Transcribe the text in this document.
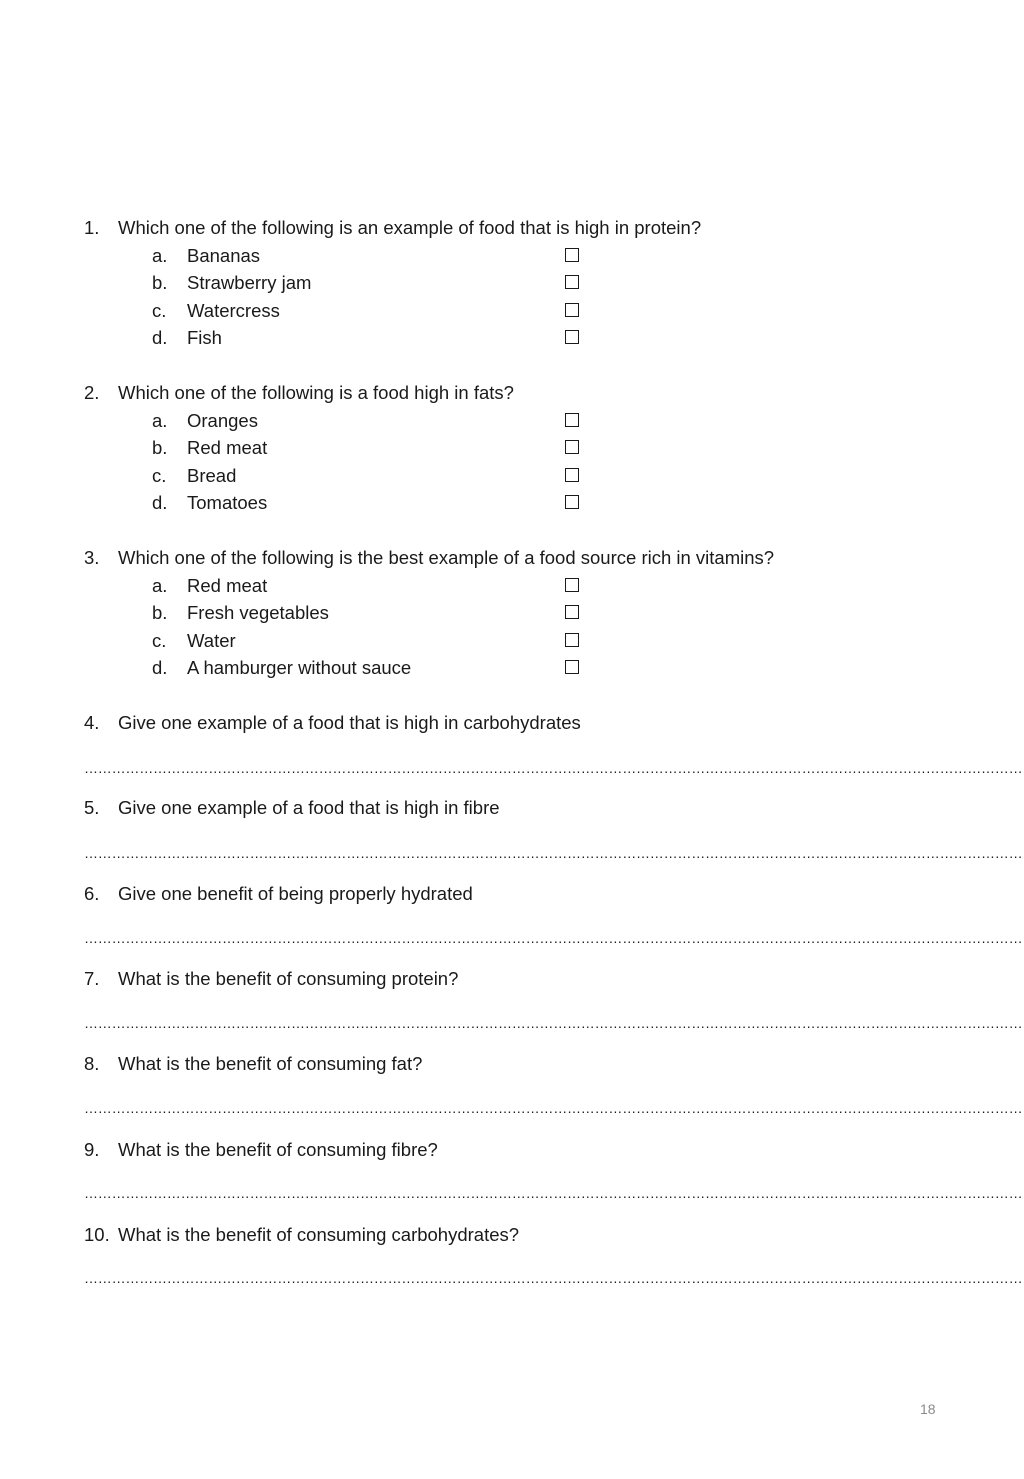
1. Which one of the following is an example of food that is high in protein?
a. Bananas
b. Strawberry jam
c. Watercress
d. Fish
2. Which one of the following is a food high in fats?
a. Oranges
b. Red meat
c. Bread
d. Tomatoes
3. Which one of the following is the best example of a food source rich in vitamins?
a. Red meat
b. Fresh vegetables
c. Water
d. A hamburger without sauce
4. Give one example of a food that is high in carbohydrates
……………………………………………………………………………………………………………………………………………………………………………………
5. Give one example of a food that is high in fibre
……………………………………………………………………………………………………………………………………………………………………………………
6. Give one benefit of being properly hydrated
……………………………………………………………………………………………………………………………………………………………………………………
7. What is the benefit of consuming protein?
……………………………………………………………………………………………………………………………………………………………………………………
8. What is the benefit of consuming fat?
……………………………………………………………………………………………………………………………………………………………………………………
9. What is the benefit of consuming fibre?
……………………………………………………………………………………………………………………………………………………………………………………
10. What is the benefit of consuming carbohydrates?
……………………………………………………………………………………………………………………………………………………………………………………
18
